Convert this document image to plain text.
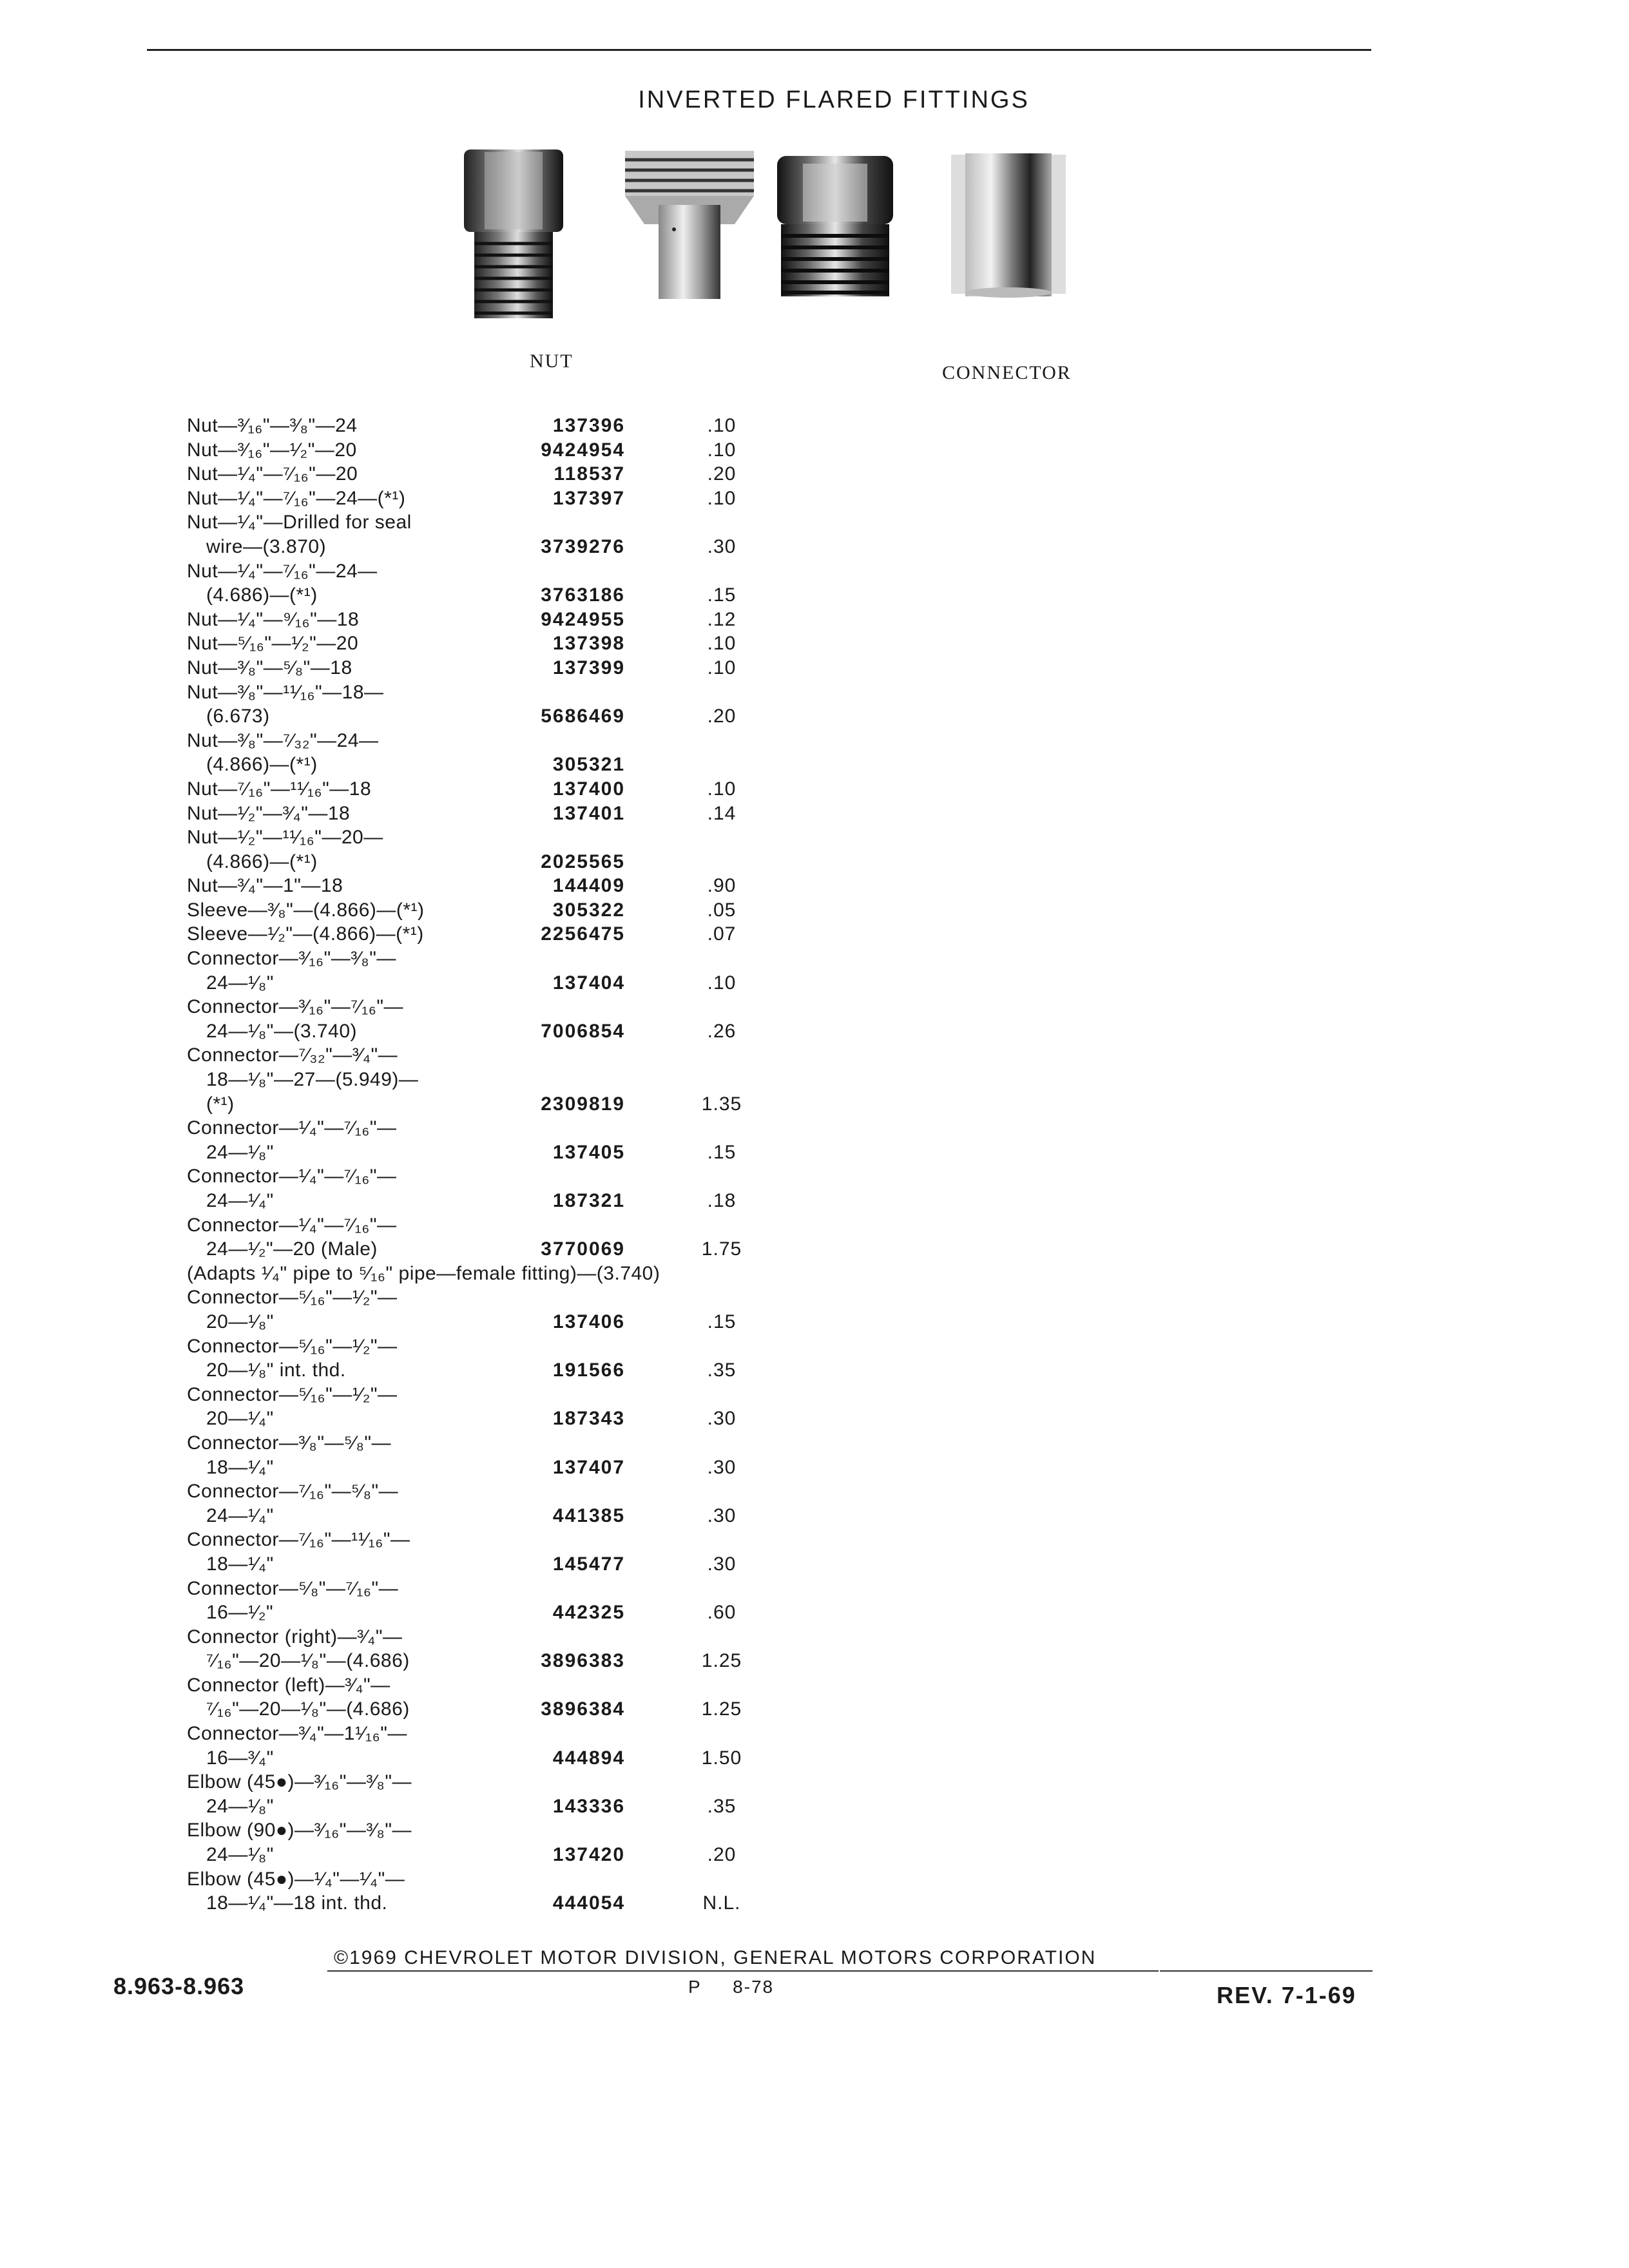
INVERTED FLARED FITTINGS
NUT
CONNECTOR
Nut—³⁄₁₆"—³⁄₈"—24	137396	.10
Nut—³⁄₁₆"—¹⁄₂"—20	9424954	.10
Nut—¹⁄₄"—⁷⁄₁₆"—20	118537	.20
Nut—¹⁄₄"—⁷⁄₁₆"—24—(*¹)	137397	.10
Nut—¹⁄₄"—Drilled for seal
wire—(3.870)	3739276	.30
Nut—¹⁄₄"—⁷⁄₁₆"—24—
(4.686)—(*¹)	3763186	.15
Nut—¹⁄₄"—⁹⁄₁₆"—18	9424955	.12
Nut—⁵⁄₁₆"—¹⁄₂"—20	137398	.10
Nut—³⁄₈"—⁵⁄₈"—18	137399	.10
Nut—³⁄₈"—¹¹⁄₁₆"—18—
(6.673)	5686469	.20
Nut—³⁄₈"—⁷⁄₃₂"—24—
(4.866)—(*¹)	305321
Nut—⁷⁄₁₆"—¹¹⁄₁₆"—18	137400	.10
Nut—¹⁄₂"—³⁄₄"—18	137401	.14
Nut—¹⁄₂"—¹¹⁄₁₆"—20—
(4.866)—(*¹)	2025565
Nut—³⁄₄"—1"—18	144409	.90
Sleeve—³⁄₈"—(4.866)—(*¹)	305322	.05
Sleeve—¹⁄₂"—(4.866)—(*¹)	2256475	.07
Connector—³⁄₁₆"—³⁄₈"—
24—¹⁄₈"	137404	.10
Connector—³⁄₁₆"—⁷⁄₁₆"—
24—¹⁄₈"—(3.740)	7006854	.26
Connector—⁷⁄₃₂"—³⁄₄"—
18—¹⁄₈"—27—(5.949)—
(*¹)	2309819	1.35
Connector—¹⁄₄"—⁷⁄₁₆"—
24—¹⁄₈"	137405	.15
Connector—¹⁄₄"—⁷⁄₁₆"—
24—¹⁄₄"	187321	.18
Connector—¹⁄₄"—⁷⁄₁₆"—
24—¹⁄₂"—20 (Male)	3770069	1.75
(Adapts ¹⁄₄" pipe to ⁵⁄₁₆" pipe—female fitting)—(3.740)
Connector—⁵⁄₁₆"—¹⁄₂"—
20—¹⁄₈"	137406	.15
Connector—⁵⁄₁₆"—¹⁄₂"—
20—¹⁄₈" int. thd.	191566	.35
Connector—⁵⁄₁₆"—¹⁄₂"—
20—¹⁄₄"	187343	.30
Connector—³⁄₈"—⁵⁄₈"—
18—¹⁄₄"	137407	.30
Connector—⁷⁄₁₆"—⁵⁄₈"—
24—¹⁄₄"	441385	.30
Connector—⁷⁄₁₆"—¹¹⁄₁₆"—
18—¹⁄₄"	145477	.30
Connector—⁵⁄₈"—⁷⁄₁₆"—
16—¹⁄₂"	442325	.60
Connector (right)—³⁄₄"—
⁷⁄₁₆"—20—¹⁄₈"—(4.686)	3896383	1.25
Connector (left)—³⁄₄"—
⁷⁄₁₆"—20—¹⁄₈"—(4.686)	3896384	1.25
Connector—³⁄₄"—1¹⁄₁₆"—
16—³⁄₄"	444894	1.50
Elbow (45●)—³⁄₁₆"—³⁄₈"—
24—¹⁄₈"	143336	.35
Elbow (90●)—³⁄₁₆"—³⁄₈"—
24—¹⁄₈"	137420	.20
Elbow (45●)—¹⁄₄"—¹⁄₄"—
18—¹⁄₄"—18 int. thd.	444054	N.L.
©1969 CHEVROLET MOTOR DIVISION, GENERAL MOTORS CORPORATION
8.963-8.963	P     8-78	REV. 7-1-69
